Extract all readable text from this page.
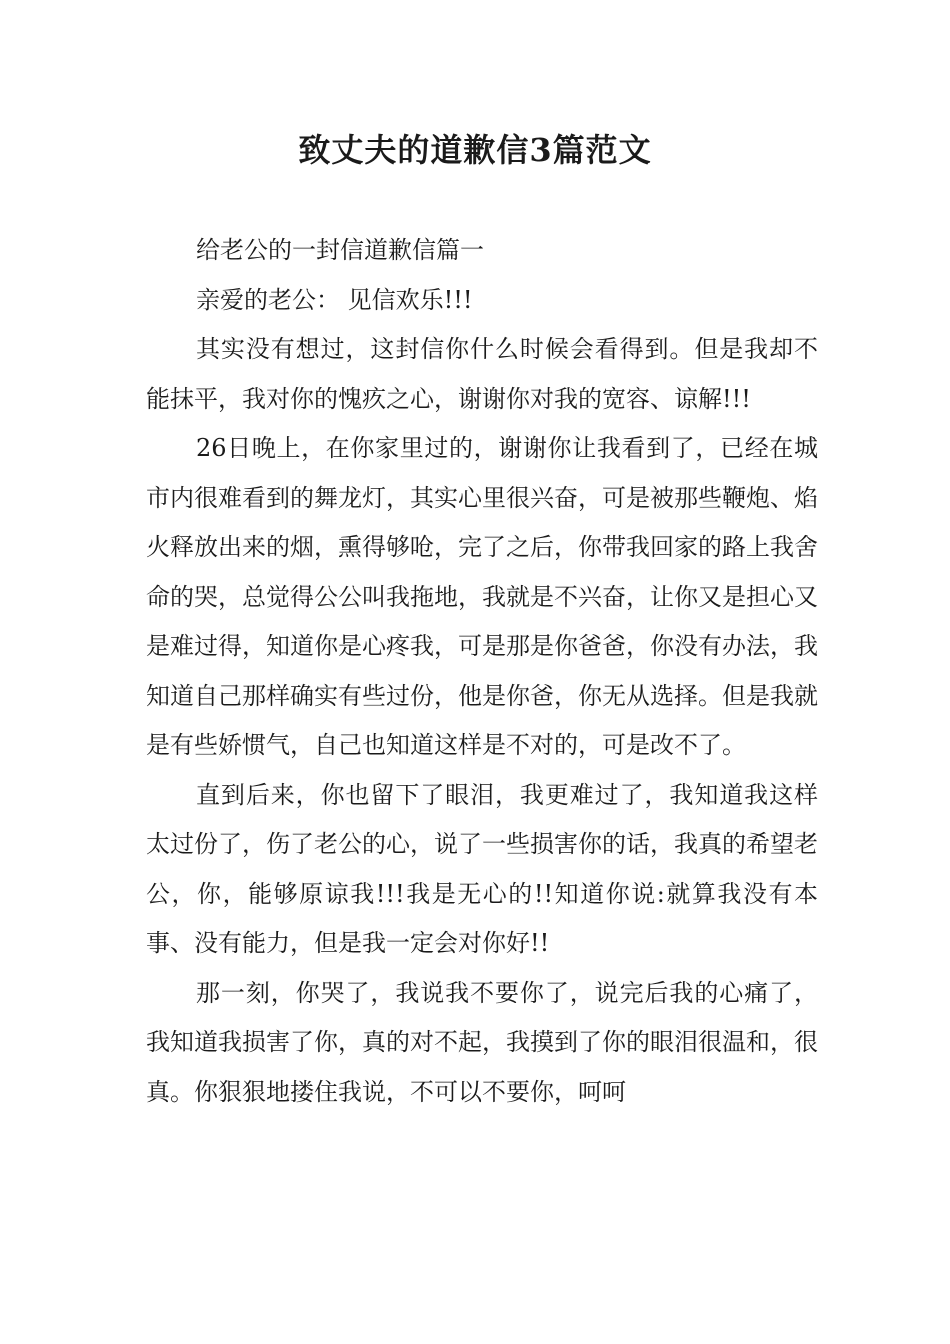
致丈夫的道歉信3篇范文

给老公的一封信道歉信篇一

亲爱的老公： 见信欢乐!!!

其实没有想过，这封信你什么时候会看得到。但是我却不能抹平，我对你的愧疚之心，谢谢你对我的宽容、谅解!!!

26日晚上，在你家里过的，谢谢你让我看到了，已经在城市内很难看到的舞龙灯，其实心里很兴奋，可是被那些鞭炮、焰火释放出来的烟，熏得够呛，完了之后，你带我回家的路上我舍命的哭，总觉得公公叫我拖地，我就是不兴奋，让你又是担心又是难过得，知道你是心疼我，可是那是你爸爸，你没有办法，我知道自己那样确实有些过份，他是你爸，你无从选择。但是我就是有些娇惯气，自己也知道这样是不对的，可是改不了。

直到后来，你也留下了眼泪，我更难过了，我知道我这样太过份了，伤了老公的心，说了一些损害你的话，我真的希望老公，你，能够原谅我!!!我是无心的!!知道你说:就算我没有本事、没有能力，但是我一定会对你好!!

那一刻，你哭了，我说我不要你了，说完后我的心痛了，我知道我损害了你，真的对不起，我摸到了你的眼泪很温和，很真。你狠狠地搂住我说，不可以不要你，呵呵
